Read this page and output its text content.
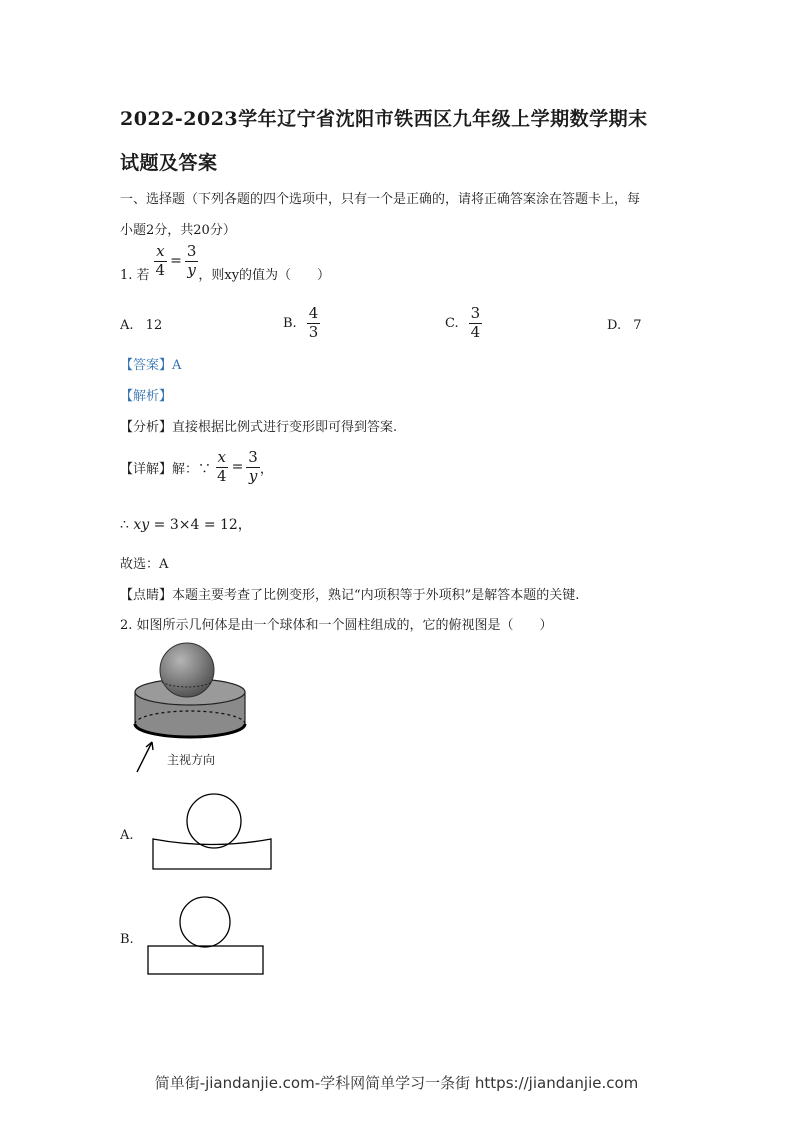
2022-2023学年辽宁省沈阳市铁西区九年级上学期数学期末
试题及答案
一、选择题（下列各题的四个选项中，只有一个是正确的，请将正确答案涂在答题卡上，每
小题2分，共20分）
1. 若 $\frac{x}{4} = \frac{3}{y}$ ，则xy的值为（　　）
A. 12	B. $\frac{4}{3}$	C. $\frac{3}{4}$	D. 7
【答案】A
【解析】
【分析】直接根据比例式进行变形即可得到答案.
【详解】解：∵ $\frac{x}{4} = \frac{3}{y}$ ，
∴ xy = 3×4 = 12，
故选：A
【点睛】本题主要考查了比例变形，熟记“内项积等于外项积”是解答本题的关键.
2. 如图所示几何体是由一个球体和一个圆柱组成的，它的俯视图是（　　）
主视方向
A.
B.
简单街-jiandanjie.com-学科网简单学习一条街 https://jiandanjie.com
